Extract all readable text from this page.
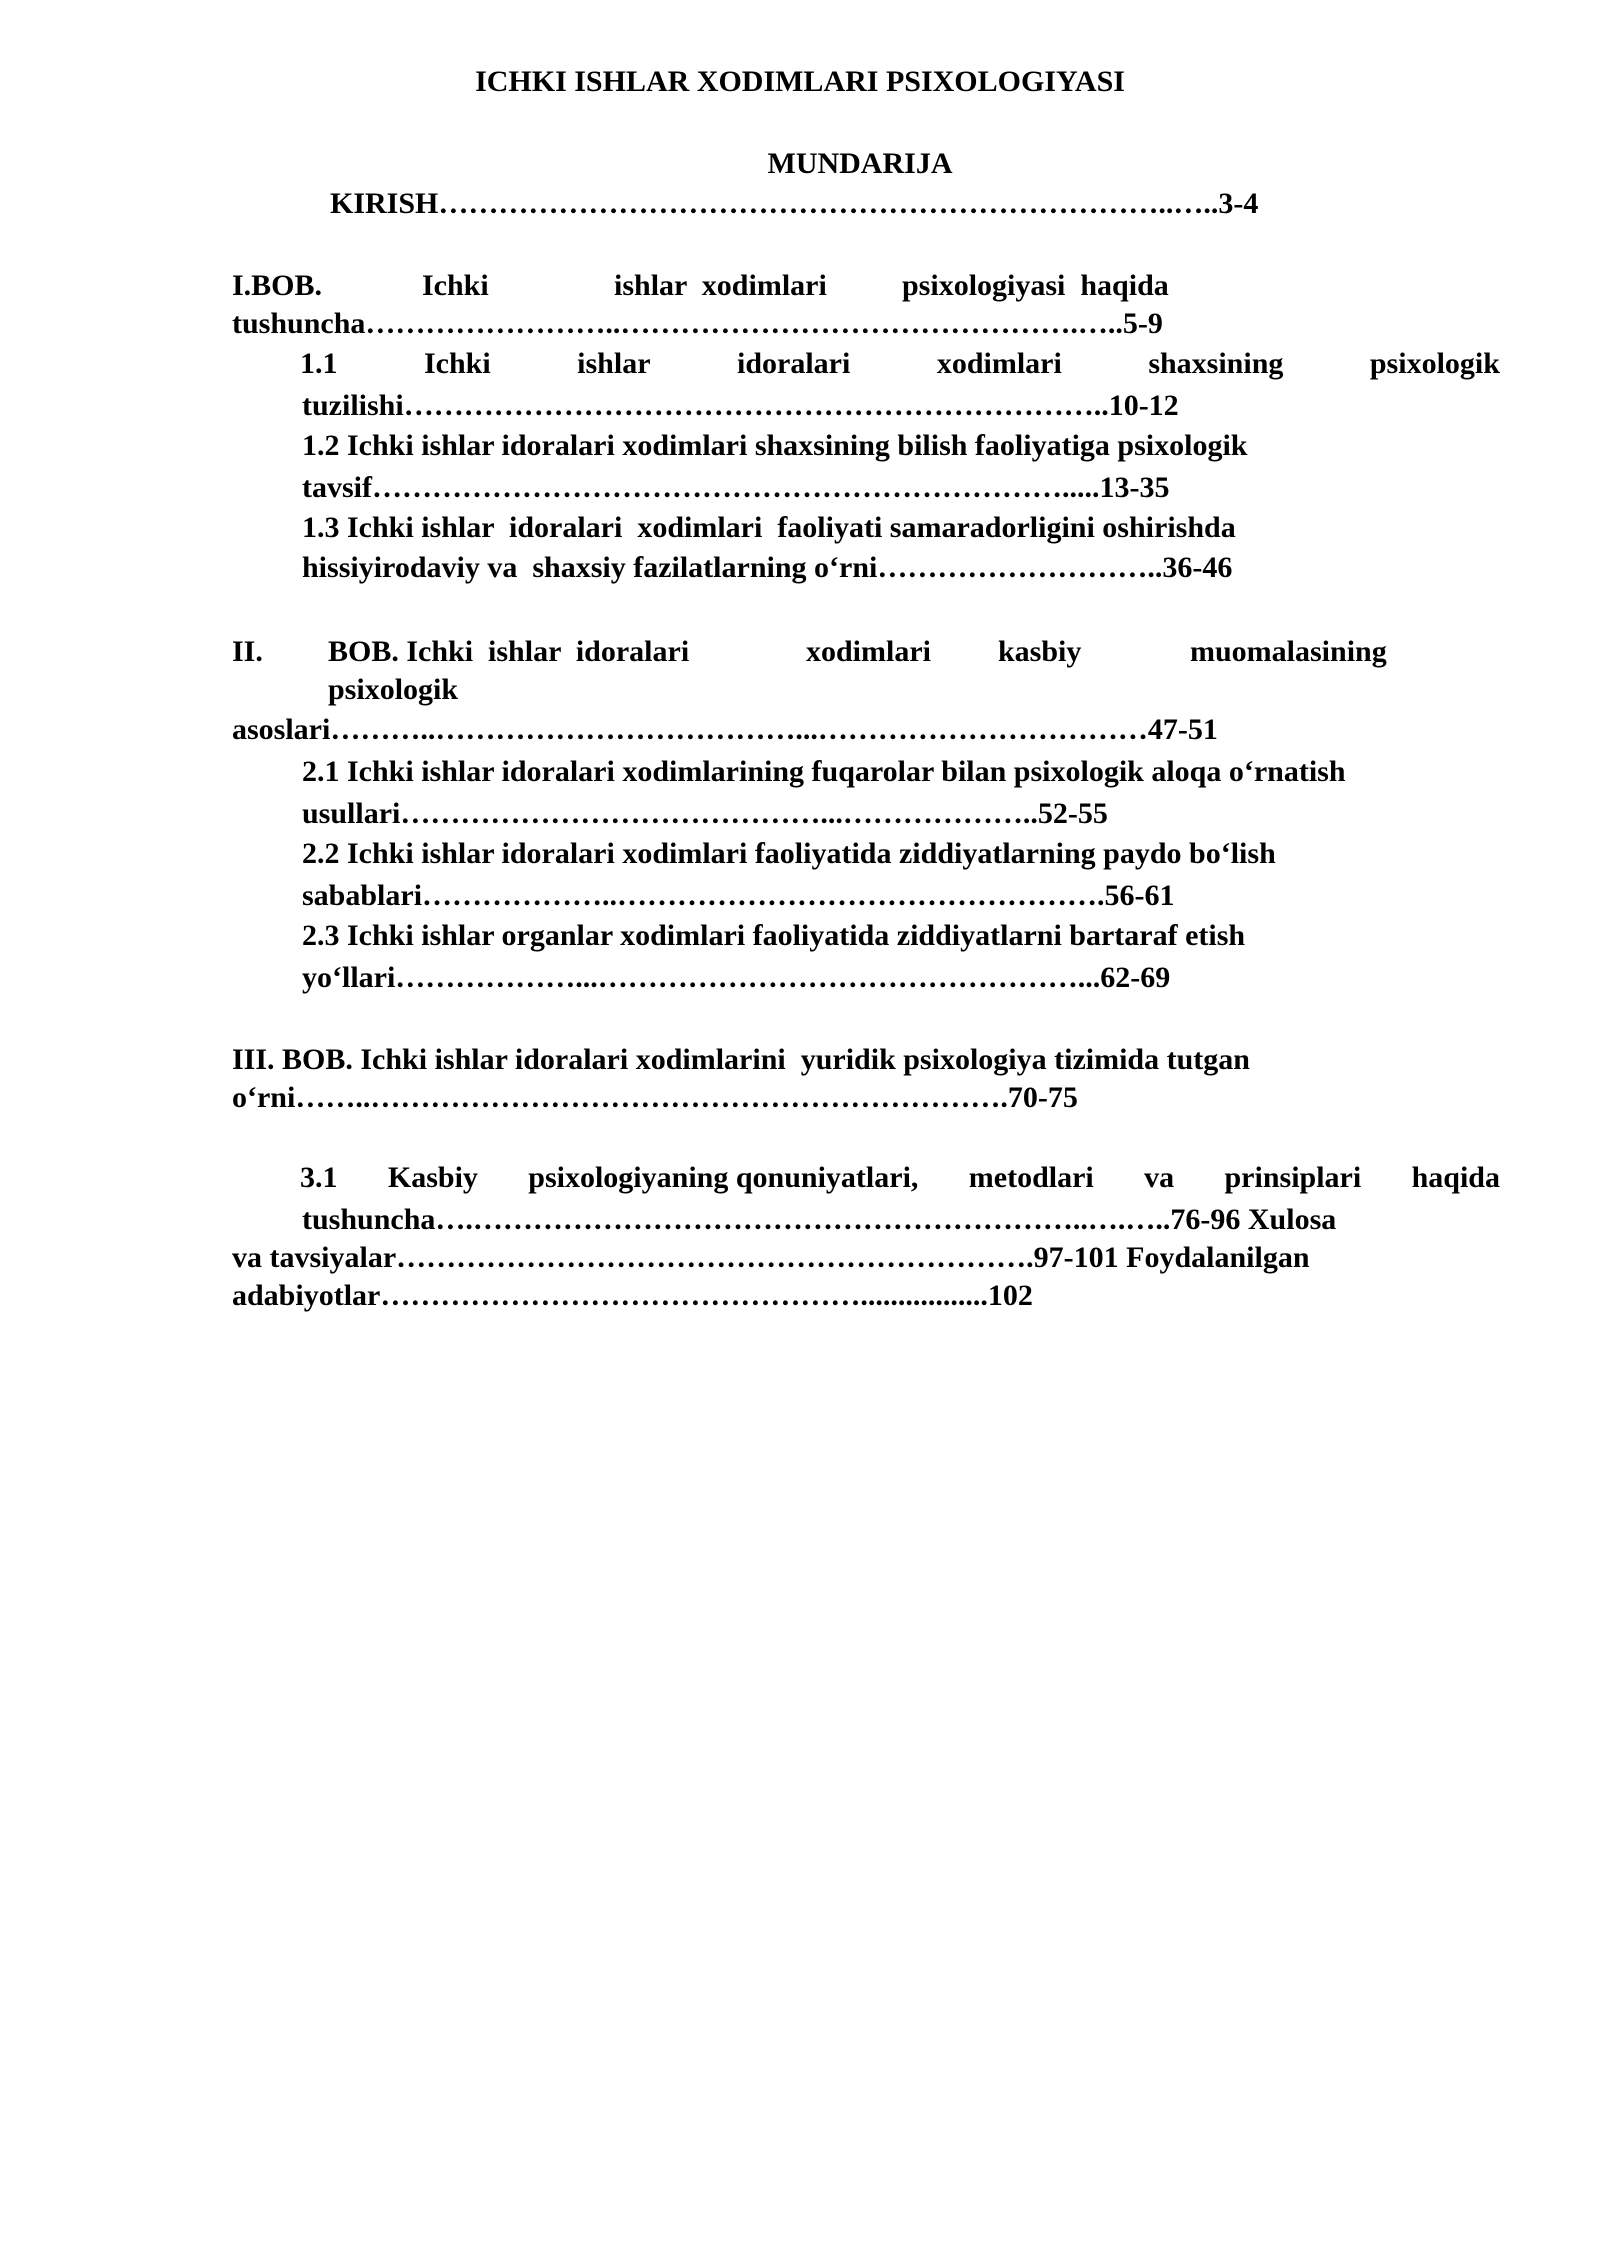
ICHKI ISHLAR XODIMLARI PSIXOLOGIYASI
MUNDARIJA
KIRISH………………………………………………………………..…..3-4
I.BOB.	Ichki	ishlar  xodimlari	psixologiyasi  haqida
tushuncha……………………..……………………………………….…..5-9
1.1	Ichki	ishlar	idoralari	xodimlari	shaxsining	psixologik
tuzilishi……………………………………………………………..10-12
1.2 Ichki ishlar idoralari xodimlari shaxsining bilish faoliyatiga psixologik
tavsif…………………………………………………………….....13-35
1.3 Ichki ishlar  idoralari  xodimlari  faoliyati samaradorligini oshirishda
hissiyirodaviy va  shaxsiy fazilatlarning o‘rni………………………..36-46
II. BOB. Ichki  ishlar  idoralari	xodimlari kasbiy	muomalasining
psixologik
asoslari………..………………………………...……………………………47-51
2.1 Ichki ishlar idoralari xodimlarining fuqarolar bilan psixologik aloqa o‘rnatish
usullari……………………………………...………………..52-55
2.2 Ichki ishlar idoralari xodimlari faoliyatida ziddiyatlarning paydo bo‘lish
sabablari………………..………………………………………….56-61
2.3 Ichki ishlar organlar xodimlari faoliyatida ziddiyatlarni bartaraf etish
yo‘llari………………...…………………………………………...62-69
III. BOB. Ichki ishlar idoralari xodimlarini  yuridik psixologiya tizimida tutgan
o‘rni……..……………………………………………………….70-75
3.1 Kasbiy psixologiyaning qonuniyatlari, metodlari va prinsiplari haqida
tushuncha….……………………………………………………..….…..76-96 Xulosa
va tavsiyalar……………………………………………………….97-101 Foydalanilgan
adabiyotlar………………………………………….................102
